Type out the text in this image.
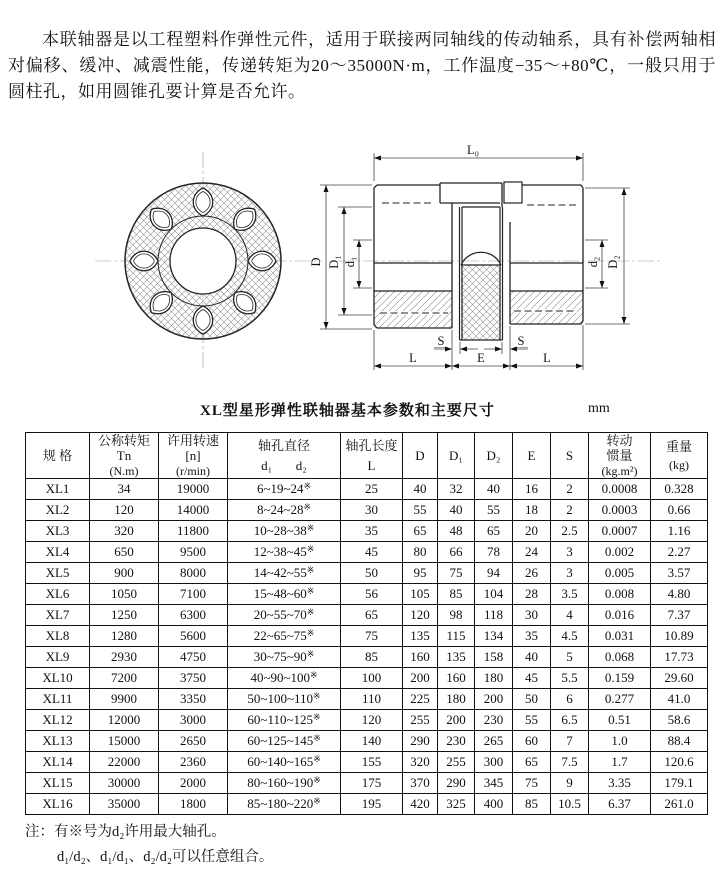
本联轴器是以工程塑料作弹性元件，适用于联接两同轴线的传动轴系，具有补偿两轴相对偏移、缓冲、减震性能，传递转矩为20～35000N·m，工作温度−35～+80℃，一般只用于圆柱孔，如用圆锥孔要计算是否允许。

L₀
D D₁ d₁	d₂ D₂
S	S
L	E	L
XL型星形弹性联轴器基本参数和主要尺寸	mm
规 格

公称转矩
Tn
(N.m)

许用转速
[n]
(r/min)

轴孔直径
d₁ d₂

轴孔长度
L

D	D₁	D₂	E	S

转动
惯量
(kg.m²)

重量
(kg)

XL1	34	19000	6~19~24※	25	40	32	40	16	2	0.0008	0.328
XL2	120	14000	8~24~28※	30	55	40	55	18	2	0.0003	0.66
XL3	320	11800	10~28~38※	35	65	48	65	20	2.5	0.0007	1.16
XL4	650	9500	12~38~45※	45	80	66	78	24	3	0.002	2.27
XL5	900	8000	14~42~55※	50	95	75	94	26	3	0.005	3.57
XL6	1050	7100	15~48~60※	56	105	85	104	28	3.5	0.008	4.80
XL7	1250	6300	20~55~70※	65	120	98	118	30	4	0.016	7.37
XL8	1280	5600	22~65~75※	75	135	115	134	35	4.5	0.031	10.89
XL9	2930	4750	30~75~90※	85	160	135	158	40	5	0.068	17.73
XL10	7200	3750	40~90~100※	100	200	160	180	45	5.5	0.159	29.60
XL11	9900	3350	50~100~110※	110	225	180	200	50	6	0.277	41.0
XL12	12000	3000	60~110~125※	120	255	200	230	55	6.5	0.51	58.6
XL13	15000	2650	60~125~145※	140	290	230	265	60	7	1.0	88.4
XL14	22000	2360	60~140~165※	155	320	255	300	65	7.5	1.7	120.6
XL15	30000	2000	80~160~190※	175	370	290	345	75	9	3.35	179.1
XL16	35000	1800	85~180~220※	195	420	325	400	85	10.5	6.37	261.0
注：有※号为d₂许用最大轴孔。
d₁/d₂、d₁/d₁、d₂/d₂可以任意组合。
